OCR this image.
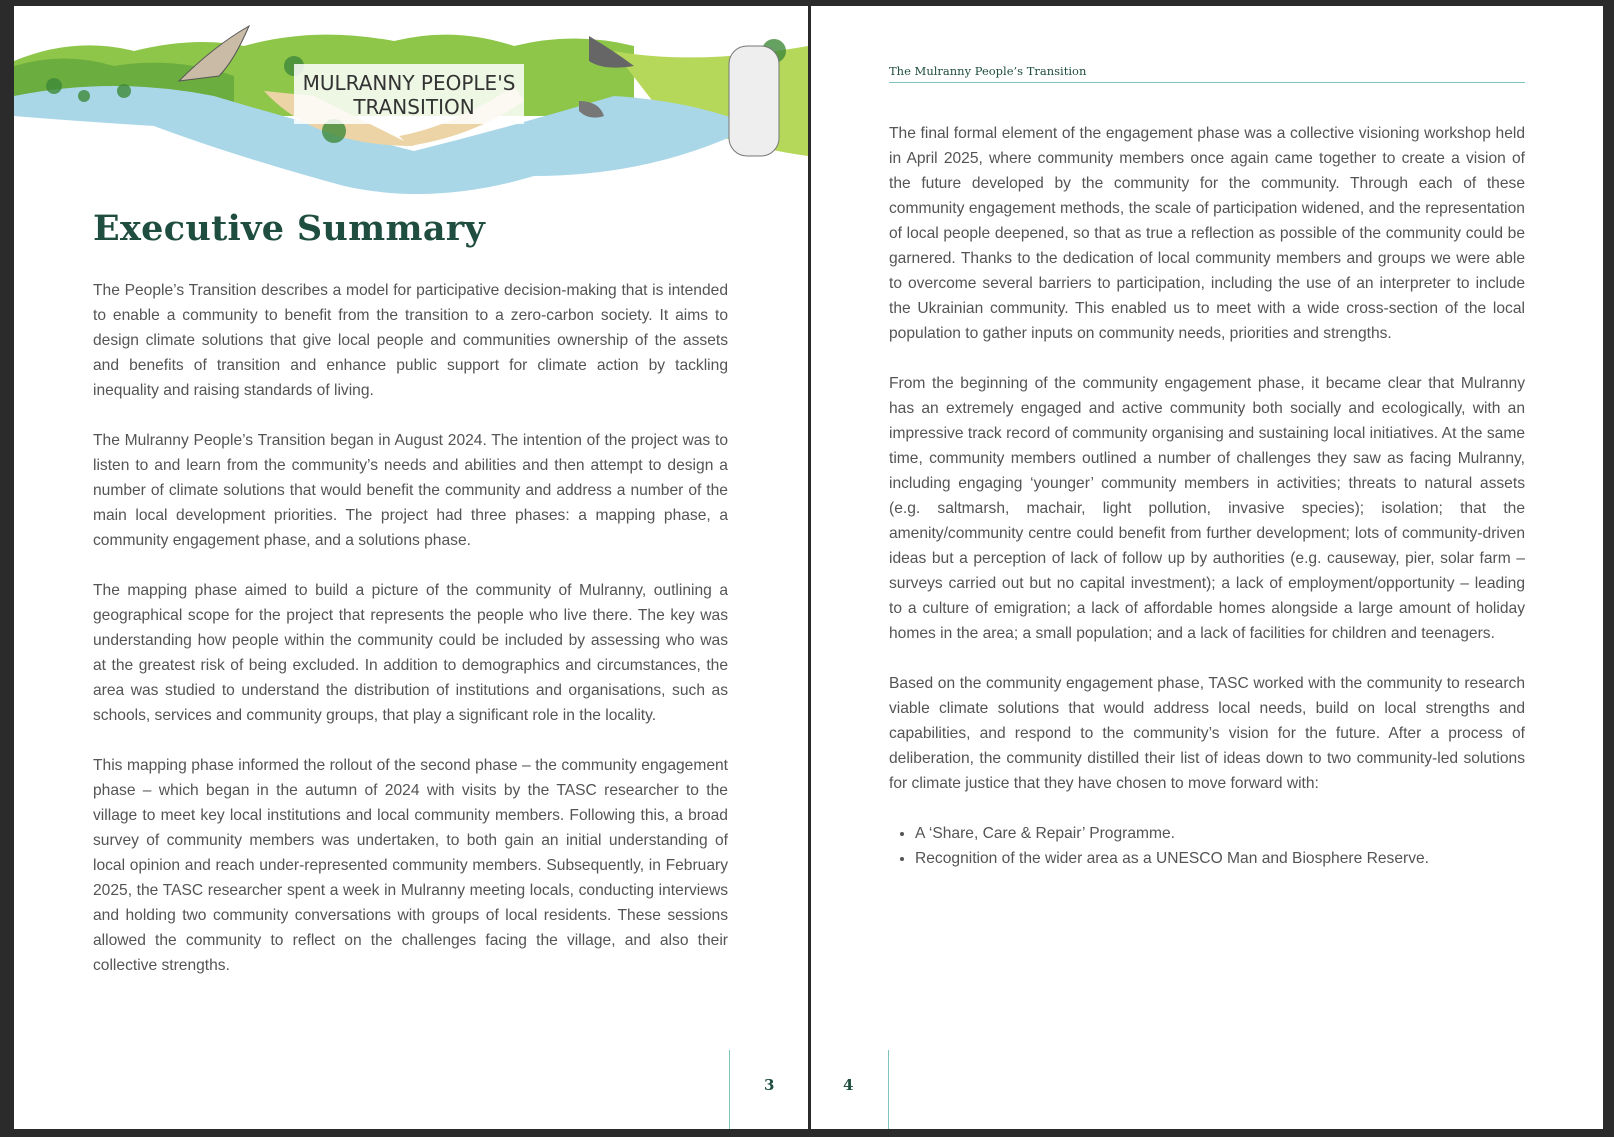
MULRANNY PEOPLE'S
TRANSITION
Executive Summary

The People’s Transition describes a model for participative decision-making that is intended to enable a community to benefit from the transition to a zero-carbon society. It aims to design climate solutions that give local people and communities ownership of the assets and benefits of transition and enhance public support for climate action by tackling inequality and raising standards of living.

The Mulranny People’s Transition began in August 2024. The intention of the project was to listen to and learn from the community’s needs and abilities and then attempt to design a number of climate solutions that would benefit the community and address a number of the main local development priorities. The project had three phases: a mapping phase, a community engagement phase, and a solutions phase.

The mapping phase aimed to build a picture of the community of Mulranny, outlining a geographical scope for the project that represents the people who live there. The key was understanding how people within the community could be included by assessing who was at the greatest risk of being excluded. In addition to demographics and circumstances, the area was studied to understand the distribution of institutions and organisations, such as schools, services and community groups, that play a significant role in the locality.

This mapping phase informed the rollout of the second phase – the community engagement phase – which began in the autumn of 2024 with visits by the TASC researcher to the village to meet key local institutions and local community members. Following this, a broad survey of community members was undertaken, to both gain an initial understanding of local opinion and reach under-represented community members. Subsequently, in February 2025, the TASC researcher spent a week in Mulranny meeting locals, conducting interviews and holding two community conversations with groups of local residents. These sessions allowed the community to reflect on the challenges facing the village, and also their collective strengths.

3
The Mulranny People’s Transition

The final formal element of the engagement phase was a collective visioning workshop held in April 2025, where community members once again came together to create a vision of the future developed by the community for the community. Through each of these community engagement methods, the scale of participation widened, and the representation of local people deepened, so that as true a reflection as possible of the community could be garnered. Thanks to the dedication of local community members and groups we were able to overcome several barriers to participation, including the use of an interpreter to include the Ukrainian community. This enabled us to meet with a wide cross-section of the local population to gather inputs on community needs, priorities and strengths.

From the beginning of the community engagement phase, it became clear that Mulranny has an extremely engaged and active community both socially and ecologically, with an impressive track record of community organising and sustaining local initiatives. At the same time, community members outlined a number of challenges they saw as facing Mulranny, including engaging ‘younger’ community members in activities; threats to natural assets (e.g. saltmarsh, machair, light pollution, invasive species); isolation; that the amenity/community centre could benefit from further development; lots of community-driven ideas but a perception of lack of follow up by authorities (e.g. causeway, pier, solar farm – surveys carried out but no capital investment); a lack of employment/opportunity – leading to a culture of emigration; a lack of affordable homes alongside a large amount of holiday homes in the area; a small population; and a lack of facilities for children and teenagers.

Based on the community engagement phase, TASC worked with the community to research viable climate solutions that would address local needs, build on local strengths and capabilities, and respond to the community’s vision for the future. After a process of deliberation, the community distilled their list of ideas down to two community-led solutions for climate justice that they have chosen to move forward with:

• A ‘Share, Care & Repair’ Programme.
• Recognition of the wider area as a UNESCO Man and Biosphere Reserve.
4
